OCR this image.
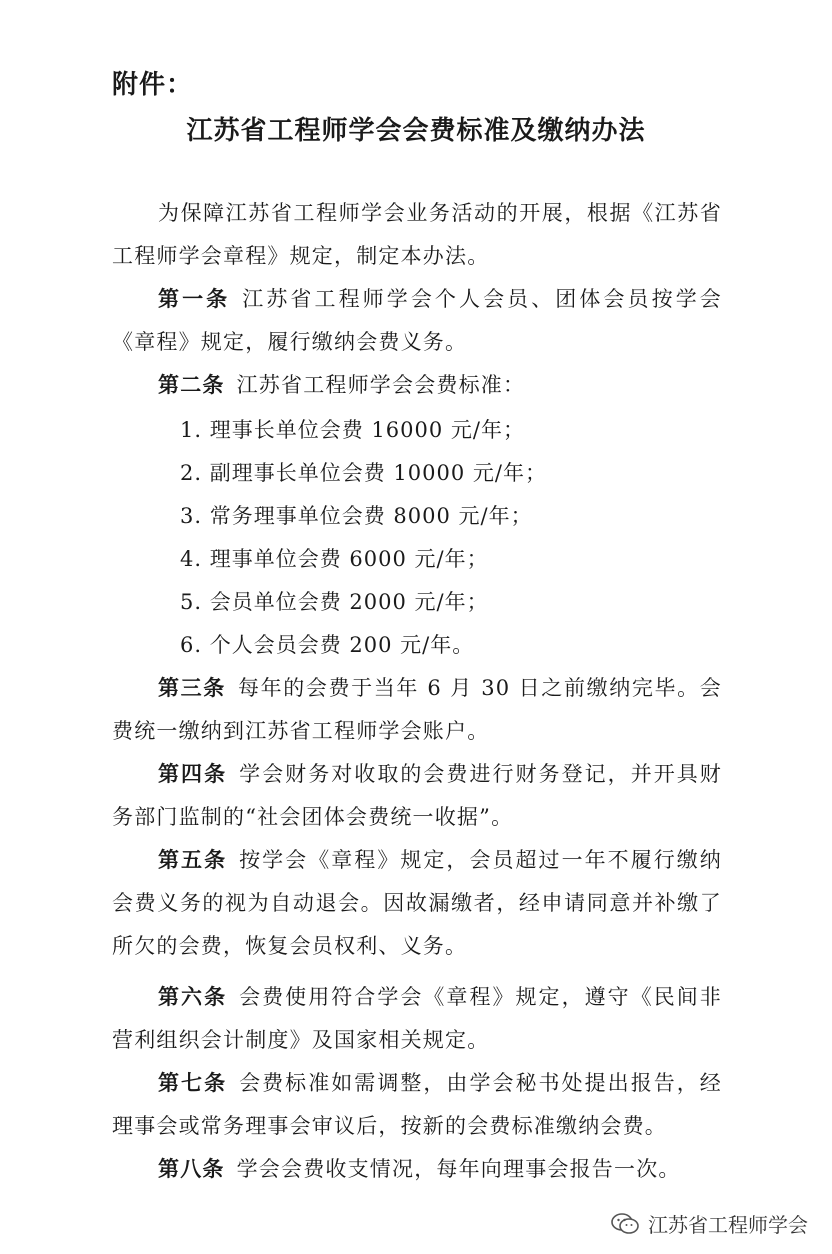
附件：
江苏省工程师学会会费标准及缴纳办法

为保障江苏省工程师学会业务活动的开展，根据《江苏省工程师学会章程》规定，制定本办法。

第一条 江苏省工程师学会个人会员、团体会员按学会《章程》规定，履行缴纳会费义务。

第二条 江苏省工程师学会会费标准：

1. 理事长单位会费 16000 元/年；
2. 副理事长单位会费 10000 元/年；
3. 常务理事单位会费 8000 元/年；
4. 理事单位会费 6000 元/年；
5. 会员单位会费 2000 元/年；
6. 个人会员会费 200 元/年。

第三条 每年的会费于当年 6 月 30 日之前缴纳完毕。会费统一缴纳到江苏省工程师学会账户。

第四条 学会财务对收取的会费进行财务登记，并开具财务部门监制的“社会团体会费统一收据”。

第五条 按学会《章程》规定，会员超过一年不履行缴纳会费义务的视为自动退会。因故漏缴者，经申请同意并补缴了所欠的会费，恢复会员权利、义务。

第六条 会费使用符合学会《章程》规定，遵守《民间非营利组织会计制度》及国家相关规定。

第七条 会费标准如需调整，由学会秘书处提出报告，经理事会或常务理事会审议后，按新的会费标准缴纳会费。

第八条 学会会费收支情况，每年向理事会报告一次。

江苏省工程师学会
